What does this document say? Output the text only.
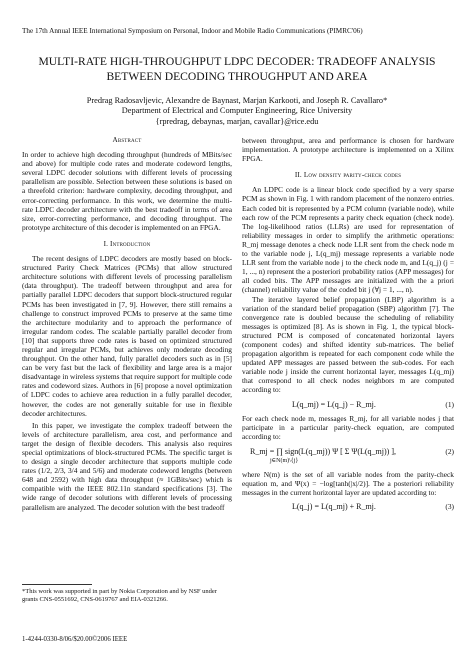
The 17th Annual IEEE International Symposium on Personal, Indoor and Mobile Radio Communications (PIMRC'06)
MULTI-RATE HIGH-THROUGHPUT LDPC DECODER: TRADEOFF ANALYSIS
BETWEEN DECODING THROUGHPUT AND AREA
Predrag Radosavljevic, Alexandre de Baynast, Marjan Karkooti, and Joseph R. Cavallaro*
Department of Electrical and Computer Engineering, Rice University
{rpredrag, debaynas, marjan, cavallar}@rice.edu
Abstract

In order to achieve high decoding throughput (hundreds of MBits/sec and above) for multiple code rates and moderate codeword lengths, several LDPC decoder solutions with different levels of processing parallelism are possible. Selection between these solutions is based on a threefold criterion: hardware complexity, decoding throughput, and error-correcting performance. In this work, we determine the multi-rate LDPC decoder architecture with the best tradeoff in terms of area size, error-correcting performance, and decoding throughput. The prototype architecture of this decoder is implemented on an FPGA.

I. Introduction

The recent designs of LDPC decoders are mostly based on block-structured Parity Check Matrices (PCMs) that allow structured architecture solutions with different levels of processing parallelism (data throughput). The tradeoff between throughput and area for partially parallel LDPC decoders that support block-structured regular PCMs has been investigated in [7, 9]. However, there still remains a challenge to construct improved PCMs to preserve at the same time the architecture modularity and to approach the performance of irregular random codes. The scalable partially parallel decoder from [10] that supports three code rates is based on optimized structured regular and irregular PCMs, but achieves only moderate decoding throughput. On the other hand, fully parallel decoders such as in [5] can be very fast but the lack of flexibility and large area is a major disadvantage in wireless systems that require support for multiple code rates and codeword sizes. Authors in [6] propose a novel optimization of LDPC codes to achieve area reduction in a fully parallel decoder, however, the codes are not generally suitable for use in flexible decoder architectures.

In this paper, we investigate the complex tradeoff between the levels of architecture parallelism, area cost, and performance and target the design of flexible decoders. This analysis also requires special optimizations of block-structured PCMs. The specific target is to design a single decoder architecture that supports multiple code rates (1/2, 2/3, 3/4 and 5/6) and moderate codeword lengths (between 648 and 2592) with high data throughput (≈ 1GBits/sec) which is compatible with the IEEE 802.11n standard specifications [3]. The wide range of decoder solutions with different levels of processing parallelism are analyzed. The decoder solution with the best tradeoff

*This work was supported in part by Nokia Corporation and by NSF under grants CNS-0551692, CNS-0619767 and EIA-0321266.
1-4244-0330-8/06/$20.00©2006 IEEE

between throughput, area and performance is chosen for hardware implementation. A prototype architecture is implemented on a Xilinx FPGA.

II. Low density parity-check codes

An LDPC code is a linear block code specified by a very sparse PCM as shown in Fig. 1 with random placement of the nonzero entries. Each coded bit is represented by a PCM column (variable node), while each row of the PCM represents a parity check equation (check node). The log-likelihood ratios (LLRs) are used for representation of reliability messages in order to simplify the arithmetic operations: R_mj message denotes a check node LLR sent from the check node m to the variable node j, L(q_mj) message represents a variable node LLR sent from the variable node j to the check node m, and L(q_j) (j = 1, ..., n) represent the a posteriori probability ratios (APP messages) for all coded bits. The APP messages are initialized with the a priori (channel) reliability value of the coded bit j (∀j = 1, ..., n).

The iterative layered belief propagation (LBP) algorithm is a variation of the standard belief propagation (SBP) algorithm [7]. The convergence rate is doubled because the scheduling of reliability messages is optimized [8]. As is shown in Fig. 1, the typical block-structured PCM is composed of concatenated horizontal layers (component codes) and shifted identity sub-matrices. The belief propagation algorithm is repeated for each component code while the updated APP messages are passed between the sub-codes. For each variable node j inside the current horizontal layer, messages L(q_mj) that correspond to all check nodes neighbors m are computed according to:

L(q_mj) = L(q_j) − R_mj.	(1)

For each check node m, messages R_mj, for all variable nodes j that participate in a particular parity-check equation, are computed according to:

R_mj = ∏ sign(L(q_mj)) Ψ [ Σ Ψ(L(q_mj)) ],	(2)
j∈N(m)\{j}

where N(m) is the set of all variable nodes from the parity-check equation m, and Ψ(x) = −log[tanh(|x|/2)]. The a posteriori reliability messages in the current horizontal layer are updated according to:

L(q_j) = L(q_mj) + R_mj.	(3)
